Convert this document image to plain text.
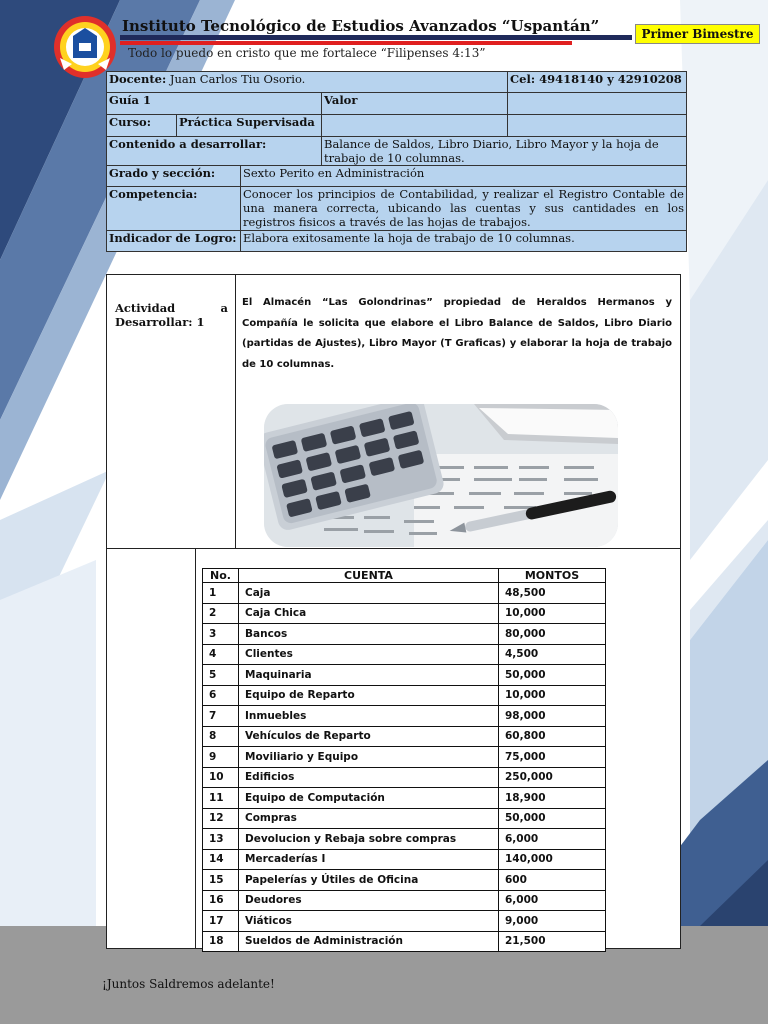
Instituto Tecnológico de Estudios Avanzados “Uspantán”
Todo lo puedo en cristo que me fortalece “Filipenses 4:13”
Primer Bimestre
Docente: Juan Carlos Tiu Osorio.				Cel: 49418140 y 42910208
Guía 1			Valor	
Curso:	Práctica Supervisada			
Contenido a desarrollar:			Balance de Saldos, Libro Diario, Libro Mayor y la hoja de trabajo de 10 columnas.	
Grado y sección:		Sexto Perito en Administración		
Competencia:		Conocer los principios de Contabilidad, y realizar el Registro Contable de una manera correcta, ubicando las cuentas y sus cantidades en los registros fisicos a través de las hojas de trabajos.		
Indicador de Logro:		Elabora exitosamente la hoja de trabajo de 10 columnas.		
Actividad	a
Desarrollar: 1
El Almacén “Las Golondrinas” propiedad de Heraldos Hermanos y Compañía le solicita que elabore el Libro Balance de Saldos, Libro Diario (partidas de Ajustes), Libro Mayor (T Graficas) y elaborar la hoja de trabajo de 10 columnas.
No.	CUENTA	MONTOS
1	Caja	48,500
2	Caja Chica	10,000
3	Bancos	80,000
4	Clientes	4,500
5	Maquinaria	50,000
6	Equipo de Reparto	10,000
7	Inmuebles	98,000
8	Vehículos de Reparto	60,800
9	Moviliario y Equipo	75,000
10	Edificios	250,000
11	Equipo de Computación	18,900
12	Compras	50,000
13	Devolucion y Rebaja sobre compras	6,000
14	Mercaderías I	140,000
15	Papelerías y Útiles de Oficina	600
16	Deudores	6,000
17	Viáticos	9,000
18	Sueldos de Administración	21,500
¡Juntos Saldremos adelante!
